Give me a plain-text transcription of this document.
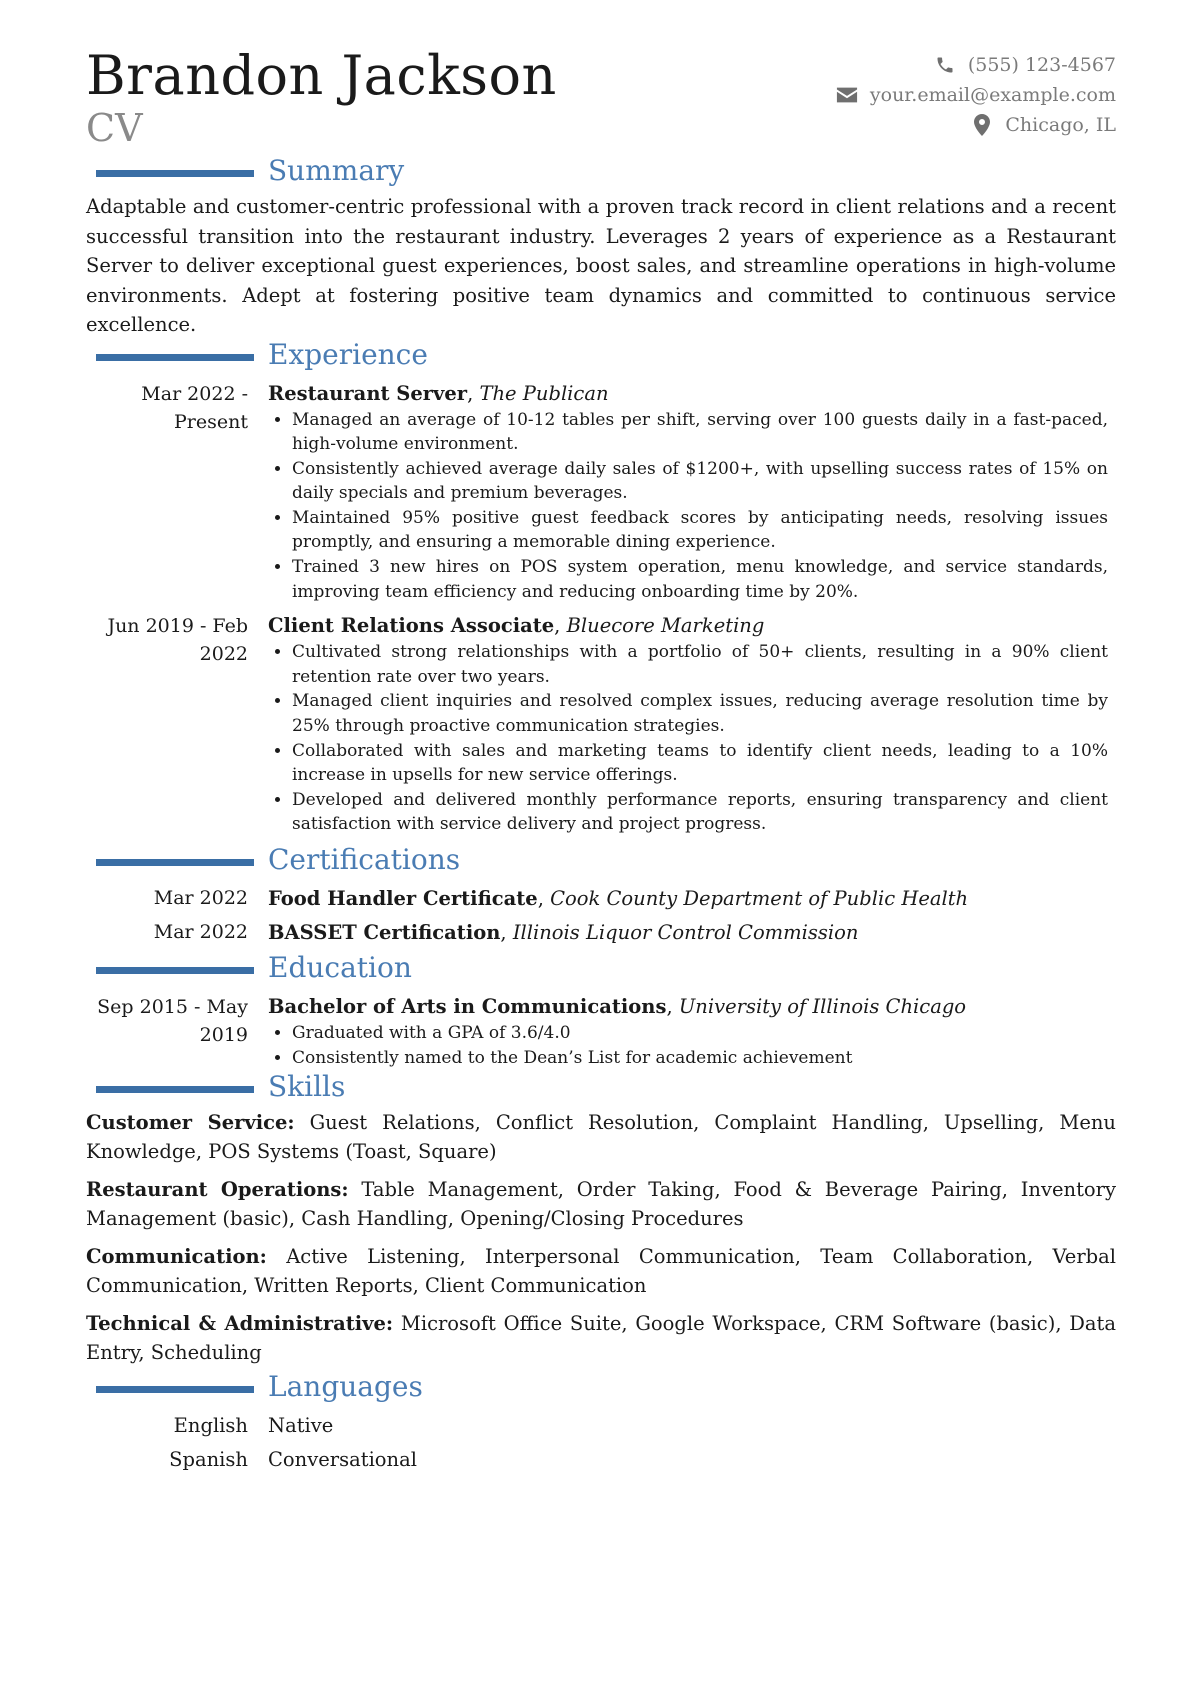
Brandon Jackson
CV
(555) 123-4567
your.email@example.com
Chicago, IL
Summary

Adaptable and customer-centric professional with a proven track record in client relations and a recent successful transition into the restaurant industry. Leverages 2 years of experience as a Restaurant Server to deliver exceptional guest experiences, boost sales, and streamline operations in high-volume environments. Adept at fostering positive team dynamics and committed to continuous service excellence.

Experience
Mar 2022 - Present
Restaurant Server, The Publican
• Managed an average of 10-12 tables per shift, serving over 100 guests daily in a fast-paced, high-volume environment.
• Consistently achieved average daily sales of $1200+, with upselling success rates of 15% on daily specials and premium beverages.
• Maintained 95% positive guest feedback scores by anticipating needs, resolving issues promptly, and ensuring a memorable dining experience.
• Trained 3 new hires on POS system operation, menu knowledge, and service standards, improving team efficiency and reducing onboarding time by 20%.
Jun 2019 - Feb 2022
Client Relations Associate, Bluecore Marketing
• Cultivated strong relationships with a portfolio of 50+ clients, resulting in a 90% client retention rate over two years.
• Managed client inquiries and resolved complex issues, reducing average resolution time by 25% through proactive communication strategies.
• Collaborated with sales and marketing teams to identify client needs, leading to a 10% increase in upsells for new service offerings.
• Developed and delivered monthly performance reports, ensuring transparency and client satisfaction with service delivery and project progress.
Certifications
Mar 2022 Food Handler Certificate, Cook County Department of Public Health
Mar 2022 BASSET Certification, Illinois Liquor Control Commission
Education
Sep 2015 - May 2019
Bachelor of Arts in Communications, University of Illinois Chicago
• Graduated with a GPA of 3.6/4.0
• Consistently named to the Dean’s List for academic achievement
Skills

Customer Service: Guest Relations, Conflict Resolution, Complaint Handling, Upselling, Menu Knowledge, POS Systems (Toast, Square)

Restaurant Operations: Table Management, Order Taking, Food & Beverage Pairing, Inventory Management (basic), Cash Handling, Opening/Closing Procedures

Communication: Active Listening, Interpersonal Communication, Team Collaboration, Verbal Communication, Written Reports, Client Communication

Technical & Administrative: Microsoft Office Suite, Google Workspace, CRM Software (basic), Data Entry, Scheduling

Languages
English Native
Spanish Conversational
